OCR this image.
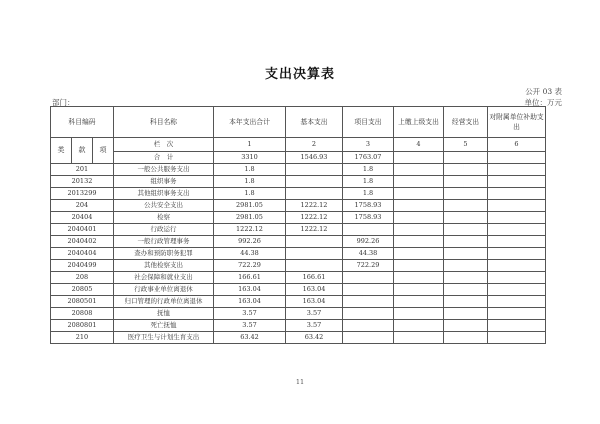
支出决算表
公开 03 表
单位：万元
部门：
科目编码			科目名称	本年支出合计	基本支出	项目支出	上缴上级支出	经营支出	对附属单位补助支出
类	款	项	栏　次	1	2	3	4	5	6
			合　计	3310	1546.93	1763.07			
201			一般公共服务支出	1.8		1.8			
20132			组织事务	1.8		1.8			
2013299			其他组织事务支出	1.8		1.8			
204			公共安全支出	2981.05	1222.12	1758.93			
20404			检察	2981.05	1222.12	1758.93			
2040401			行政运行	1222.12	1222.12				
2040402			一般行政管理事务	992.26		992.26			
2040404			查办和预防职务犯罪	44.38		44.38			
2040499			其他检察支出	722.29		722.29			
208			社会保障和就业支出	166.61	166.61				
20805			行政事业单位离退休	163.04	163.04				
2080501			归口管理的行政单位离退休	163.04	163.04				
20808			抚恤	3.57	3.57				
2080801			死亡抚恤	3.57	3.57				
210			医疗卫生与计划生育支出	63.42	63.42				
11
